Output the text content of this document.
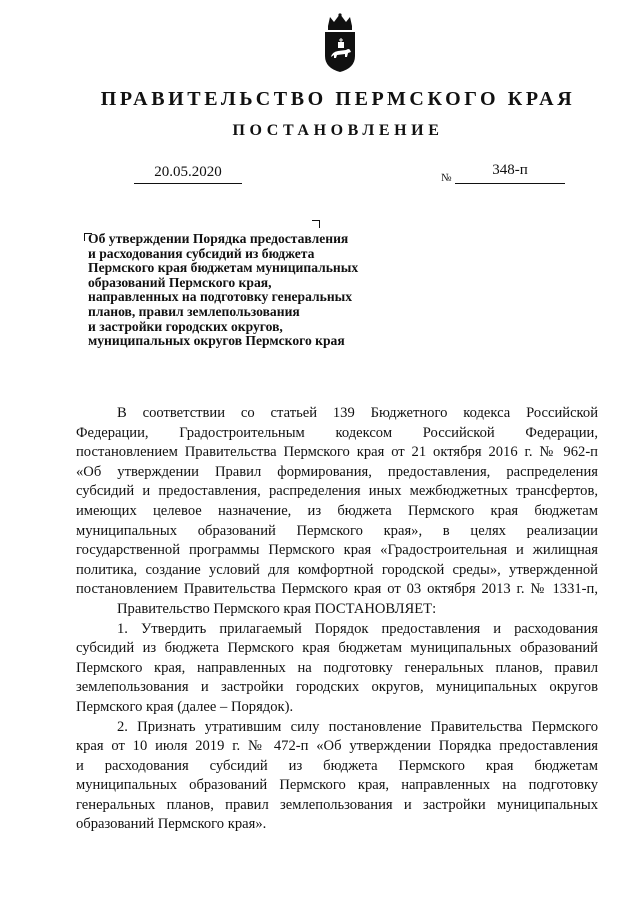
ПРАВИТЕЛЬСТВО ПЕРМСКОГО КРАЯ
ПОСТАНОВЛЕНИЕ
20.05.2020	№	348-п
Об утверждении Порядка предоставления
и расходования субсидий из бюджета
Пермского края бюджетам муниципальных
образований Пермского края,
направленных на подготовку генеральных
планов, правил землепользования
и застройки городских округов,
муниципальных округов Пермского края
В соответствии со статьей 139 Бюджетного кодекса Российской
Федерации, Градостроительным кодексом Российской Федерации,
постановлением Правительства Пермского края от 21 октября 2016 г. № 962-п
«Об утверждении Правил формирования, предоставления, распределения
субсидий и предоставления, распределения иных межбюджетных трансфертов,
имеющих целевое назначение, из бюджета Пермского края бюджетам
муниципальных образований Пермского края», в целях реализации
государственной программы Пермского края «Градостроительная и жилищная
политика, создание условий для комфортной городской среды», утвержденной
постановлением Правительства Пермского края от 03 октября 2013 г. № 1331-п,
Правительство Пермского края ПОСТАНОВЛЯЕТ:
1. Утвердить прилагаемый Порядок предоставления и расходования
субсидий из бюджета Пермского края бюджетам муниципальных образований
Пермского края, направленных на подготовку генеральных планов, правил
землепользования и застройки городских округов, муниципальных округов
Пермского края (далее – Порядок).
2. Признать утратившим силу постановление Правительства Пермского
края от 10 июля 2019 г. № 472-п «Об утверждении Порядка предоставления
и расходования субсидий из бюджета Пермского края бюджетам
муниципальных образований Пермского края, направленных на подготовку
генеральных планов, правил землепользования и застройки муниципальных
образований Пермского края».
